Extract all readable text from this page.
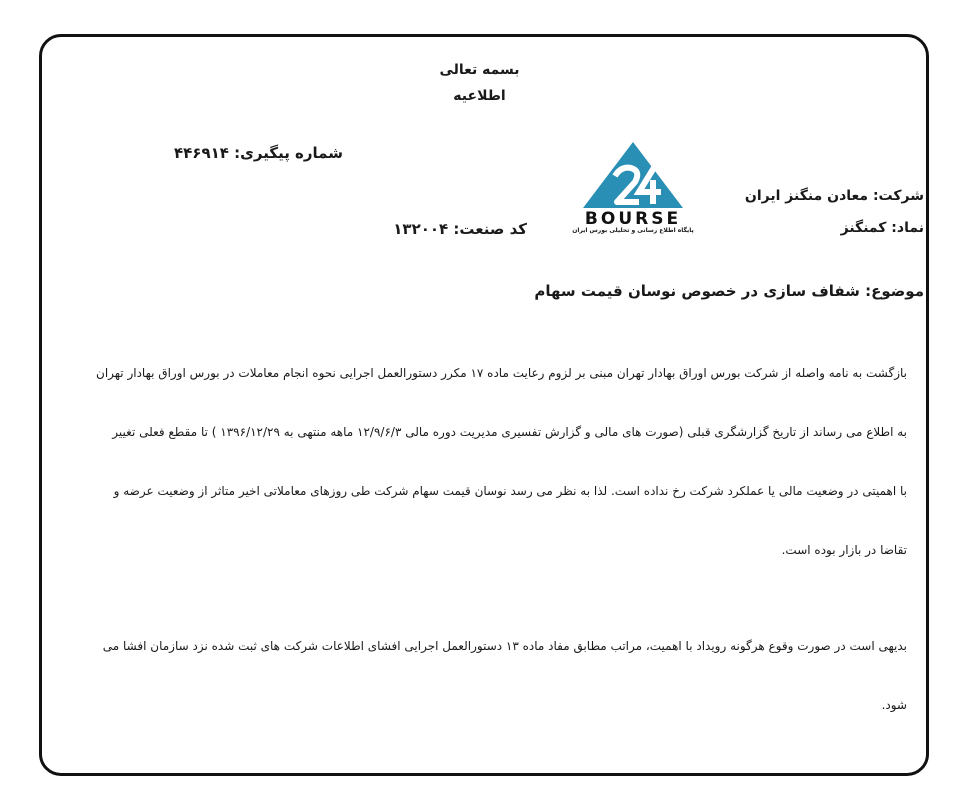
بسمه تعالی
اطلاعیه
شماره پیگیری: ۴۴۶۹۱۴
کد صنعت: ۱۳۲۰۰۴
شرکت: معادن منگنز ایران
نماد: کمنگنز
BOURSE
پایگاه اطلاع رسانی و تحلیلی بورس ایران
موضوع: شفاف سازی در خصوص نوسان قیمت سهام
بازگشت به نامه واصله از شرکت بورس اوراق بهادار تهران مبنی بر لزوم رعایت ماده ۱۷ مکرر دستورالعمل اجرایی نحوه انجام معاملات در بورس اوراق بهادار تهران
به اطلاع می رساند از تاریخ گزارشگری قبلی (صورت های مالی و گزارش تفسیری مدیریت دوره مالی ۱۲/۹/۶/۳ ماهه منتهی به ۱۳۹۶/۱۲/۲۹ ) تا مقطع فعلی تغییر
با اهمیتی در وضعیت مالی یا عملکرد شرکت رخ نداده است. لذا به نظر می رسد نوسان قیمت سهام شرکت طی روزهای معاملاتی اخیر متاثر از وضعیت عرضه و
تقاضا در بازار بوده است.
بدیهی است در صورت وقوع هرگونه رویداد با اهمیت، مراتب مطابق مفاد ماده ۱۳ دستورالعمل اجرایی افشای اطلاعات شرکت های ثبت شده نزد سازمان افشا می
شود.
